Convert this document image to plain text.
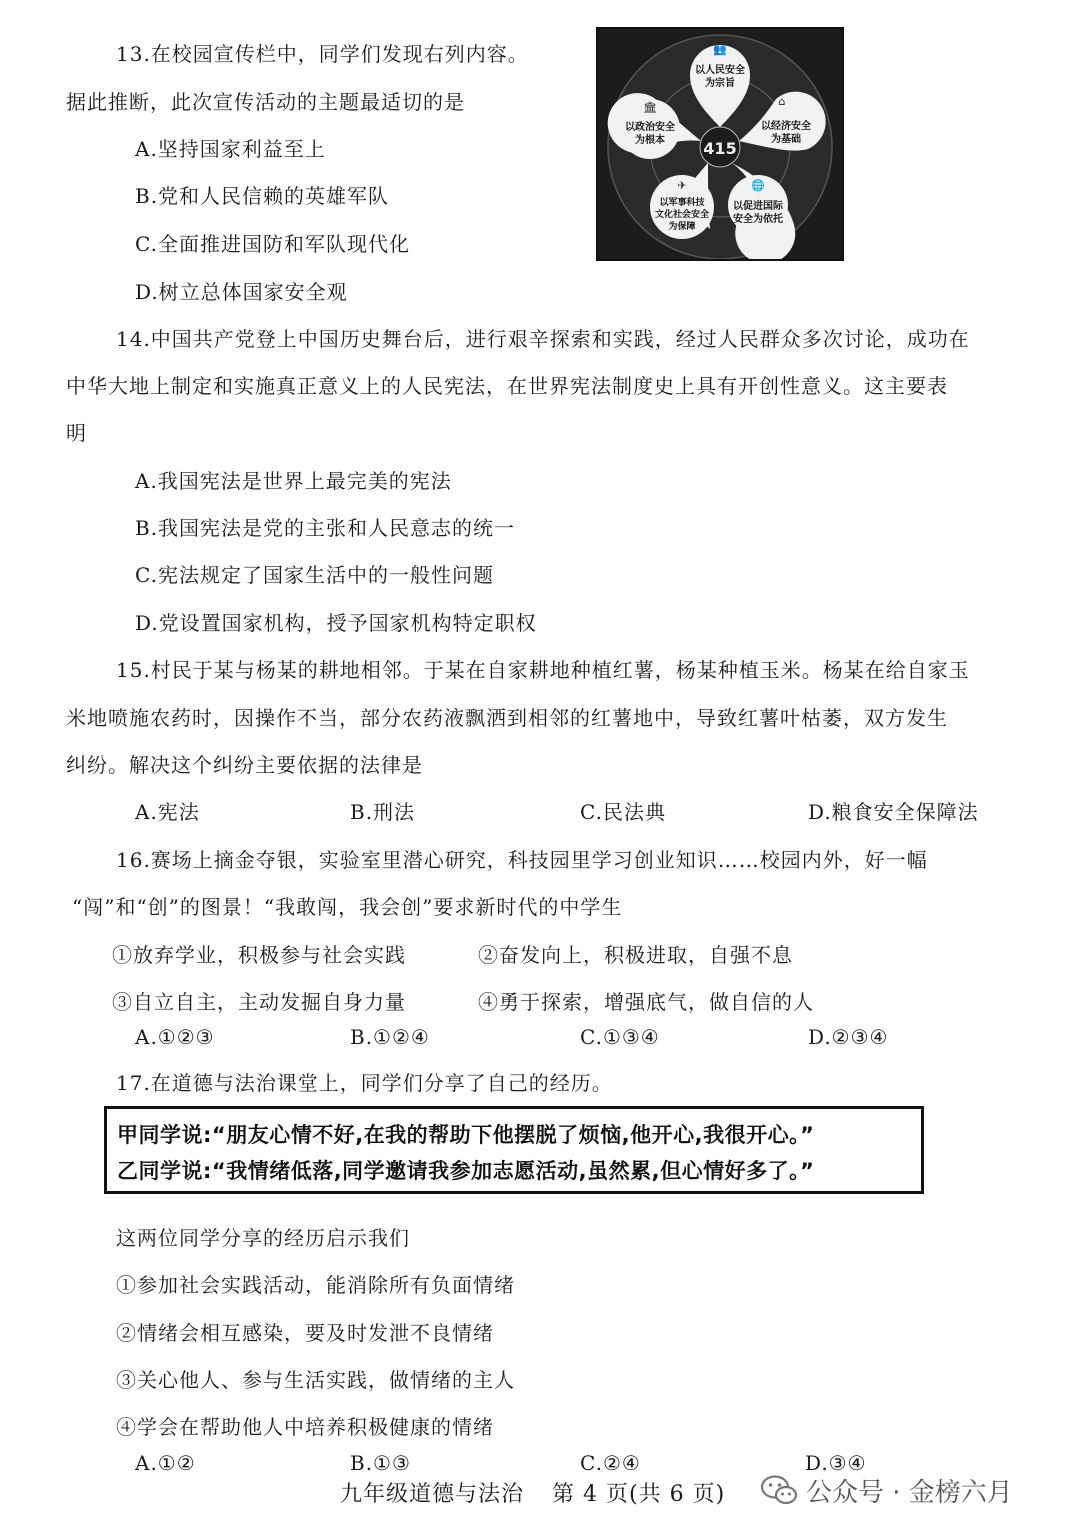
13.在校园宣传栏中，同学们发现右列内容。
据此推断，此次宣传活动的主题最适切的是
A.坚持国家利益至上
B.党和人民信赖的英雄军队
C.全面推进国防和军队现代化
D.树立总体国家安全观
415
👥
以人民安全
为宗旨
⌂
以经济安全
为基础
🌐
以促进国际
安全为依托
✈
以军事科技
文化社会安全
为保障
🏛
以政治安全
为根本
14.中国共产党登上中国历史舞台后，进行艰辛探索和实践，经过人民群众多次讨论，成功在
中华大地上制定和实施真正意义上的人民宪法，在世界宪法制度史上具有开创性意义。这主要表
明
A.我国宪法是世界上最完美的宪法
B.我国宪法是党的主张和人民意志的统一
C.宪法规定了国家生活中的一般性问题
D.党设置国家机构，授予国家机构特定职权
15.村民于某与杨某的耕地相邻。于某在自家耕地种植红薯，杨某种植玉米。杨某在给自家玉
米地喷施农药时，因操作不当，部分农药液飘洒到相邻的红薯地中，导致红薯叶枯萎，双方发生
纠纷。解决这个纠纷主要依据的法律是
A.宪法	B.刑法	C.民法典	D.粮食安全保障法
16.赛场上摘金夺银，实验室里潜心研究，科技园里学习创业知识……校园内外，好一幅
“闯”和“创”的图景！“我敢闯，我会创”要求新时代的中学生
①放弃学业，积极参与社会实践	②奋发向上，积极进取，自强不息
③自立自主，主动发掘自身力量	④勇于探索，增强底气，做自信的人
A.①②③	B.①②④	C.①③④	D.②③④
17.在道德与法治课堂上，同学们分享了自己的经历。
甲同学说:“朋友心情不好,在我的帮助下他摆脱了烦恼,他开心,我很开心。”
乙同学说:“我情绪低落,同学邀请我参加志愿活动,虽然累,但心情好多了。”
这两位同学分享的经历启示我们
①参加社会实践活动，能消除所有负面情绪
②情绪会相互感染，要及时发泄不良情绪
③关心他人、参与生活实践，做情绪的主人
④学会在帮助他人中培养积极健康的情绪
A.①②	B.①③	C.②④	D.③④
九年级道德与法治 第 4 页(共 6 页)	公众号 · 金榜六月
